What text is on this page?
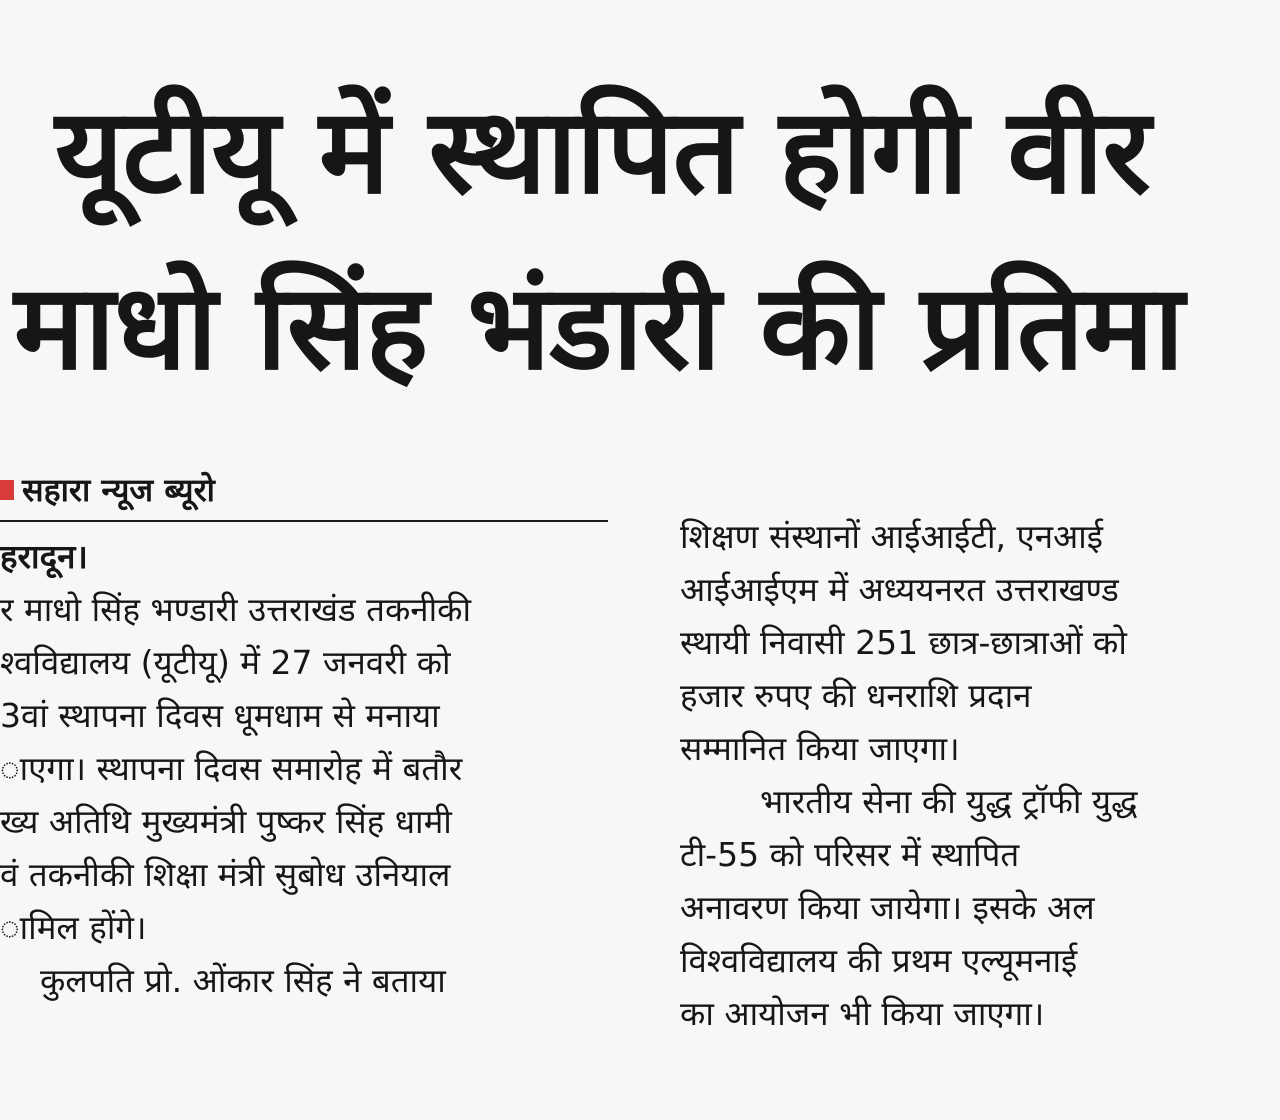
यूटीयू में स्थापित होगी वीर
माधो सिंह भंडारी की प्रतिमा
सहारा न्यूज ब्यूरो
हरादून।
र माधो सिंह भण्डारी उत्तराखंड तकनीकी
श्वविद्यालय (यूटीयू) में 27 जनवरी को
3वां स्थापना दिवस धूमधाम से मनाया
ाएगा। स्थापना दिवस समारोह में बतौर
ख्य अतिथि मुख्यमंत्री पुष्कर सिंह धामी
वं तकनीकी शिक्षा मंत्री सुबोध उनियाल
ामिल होंगे।
कुलपति प्रो. ओंकार सिंह ने बताया
शिक्षण संस्थानों आईआईटी, एनआई
आईआईएम में अध्ययनरत उत्तराखण्ड
स्थायी निवासी 251 छात्र-छात्राओं को
हजार रुपए की धनराशि प्रदान
सम्मानित किया जाएगा।
भारतीय सेना की युद्ध ट्रॉफी युद्ध
टी-55 को परिसर में स्थापित
अनावरण किया जायेगा। इसके अल
विश्वविद्यालय की प्रथम एल्यूमनाई
का आयोजन भी किया जाएगा।
